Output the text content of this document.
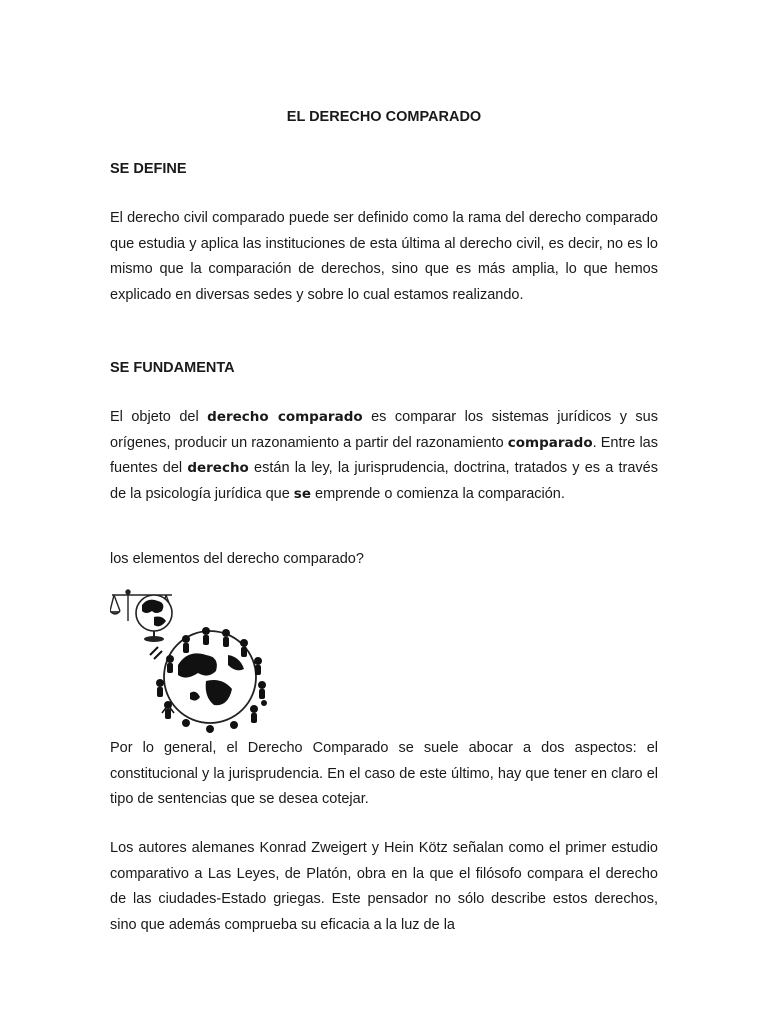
EL DERECHO COMPARADO
SE DEFINE

El derecho civil comparado puede ser definido como la rama del derecho comparado que estudia y aplica las instituciones de esta última al derecho civil, es decir, no es lo mismo que la comparación de derechos, sino que es más amplia, lo que hemos explicado en diversas sedes y sobre lo cual estamos realizando.

SE FUNDAMENTA

El objeto del derecho comparado es comparar los sistemas jurídicos y sus orígenes, producir un razonamiento a partir del razonamiento comparado. Entre las fuentes del derecho están la ley, la jurisprudencia, doctrina, tratados y es a través de la psicología jurídica que se emprende o comienza la comparación.

los elementos del derecho comparado?

Por lo general, el Derecho Comparado se suele abocar a dos aspectos: el constitucional y la jurisprudencia. En el caso de este último, hay que tener en claro el tipo de sentencias que se desea cotejar.

Los autores alemanes Konrad Zweigert y Hein Kötz señalan como el primer estudio comparativo a Las Leyes, de Platón, obra en la que el filósofo compara el derecho de las ciudades-Estado griegas. Este pensador no sólo describe estos derechos, sino que además comprueba su eficacia a la luz de la
